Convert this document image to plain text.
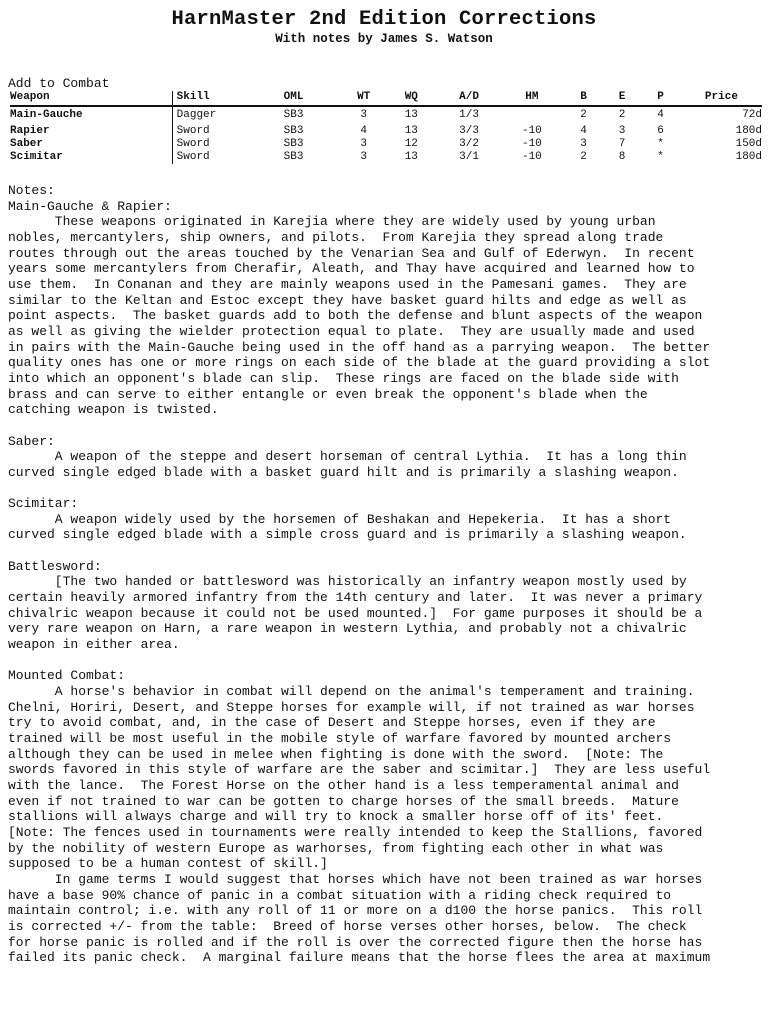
HarnMaster 2nd Edition Corrections
With notes by James S. Watson
Add to Combat
Weapon	Skill	OML	WT	WQ	A/D	HM	B	E	P	Price
Main-Gauche	Dagger	SB3	3	13	1/3		2	2	4	72d
Rapier	Sword	SB3	4	13	3/3	-10	4	3	6	180d
Saber	Sword	SB3	3	12	3/2	-10	3	7	*	150d
Scimitar	Sword	SB3	3	13	3/1	-10	2	8	*	180d
Notes:
Main-Gauche & Rapier:
These weapons originated in Karejia where they are widely used by young urban
nobles, mercantylers, ship owners, and pilots.  From Karejia they spread along trade
routes through out the areas touched by the Venarian Sea and Gulf of Ederwyn.  In recent
years some mercantylers from Cherafir, Aleath, and Thay have acquired and learned how to
use them.  In Conanan and they are mainly weapons used in the Pamesani games.  They are
similar to the Keltan and Estoc except they have basket guard hilts and edge as well as
point aspects.  The basket guards add to both the defense and blunt aspects of the weapon
as well as giving the wielder protection equal to plate.  They are usually made and used
in pairs with the Main-Gauche being used in the off hand as a parrying weapon.  The better
quality ones has one or more rings on each side of the blade at the guard providing a slot
into which an opponent's blade can slip.  These rings are faced on the blade side with
brass and can serve to either entangle or even break the opponent's blade when the
catching weapon is twisted.

Saber:
A weapon of the steppe and desert horseman of central Lythia.  It has a long thin
curved single edged blade with a basket guard hilt and is primarily a slashing weapon.

Scimitar:
A weapon widely used by the horsemen of Beshakan and Hepekeria.  It has a short
curved single edged blade with a simple cross guard and is primarily a slashing weapon.

Battlesword:
[The two handed or battlesword was historically an infantry weapon mostly used by
certain heavily armored infantry from the 14th century and later.  It was never a primary
chivalric weapon because it could not be used mounted.]  For game purposes it should be a
very rare weapon on Harn, a rare weapon in western Lythia, and probably not a chivalric
weapon in either area.

Mounted Combat:
A horse's behavior in combat will depend on the animal's temperament and training.
Chelni, Horiri, Desert, and Steppe horses for example will, if not trained as war horses
try to avoid combat, and, in the case of Desert and Steppe horses, even if they are
trained will be most useful in the mobile style of warfare favored by mounted archers
although they can be used in melee when fighting is done with the sword.  [Note: The
swords favored in this style of warfare are the saber and scimitar.]  They are less useful
with the lance.  The Forest Horse on the other hand is a less temperamental animal and
even if not trained to war can be gotten to charge horses of the small breeds.  Mature
stallions will always charge and will try to knock a smaller horse off of its' feet.
[Note: The fences used in tournaments were really intended to keep the Stallions, favored
by the nobility of western Europe as warhorses, from fighting each other in what was
supposed to be a human contest of skill.]
In game terms I would suggest that horses which have not been trained as war horses
have a base 90% chance of panic in a combat situation with a riding check required to
maintain control; i.e. with any roll of 11 or more on a d100 the horse panics.  This roll
is corrected +/- from the table:  Breed of horse verses other horses, below.  The check
for horse panic is rolled and if the roll is over the corrected figure then the horse has
failed its panic check.  A marginal failure means that the horse flees the area at maximum
